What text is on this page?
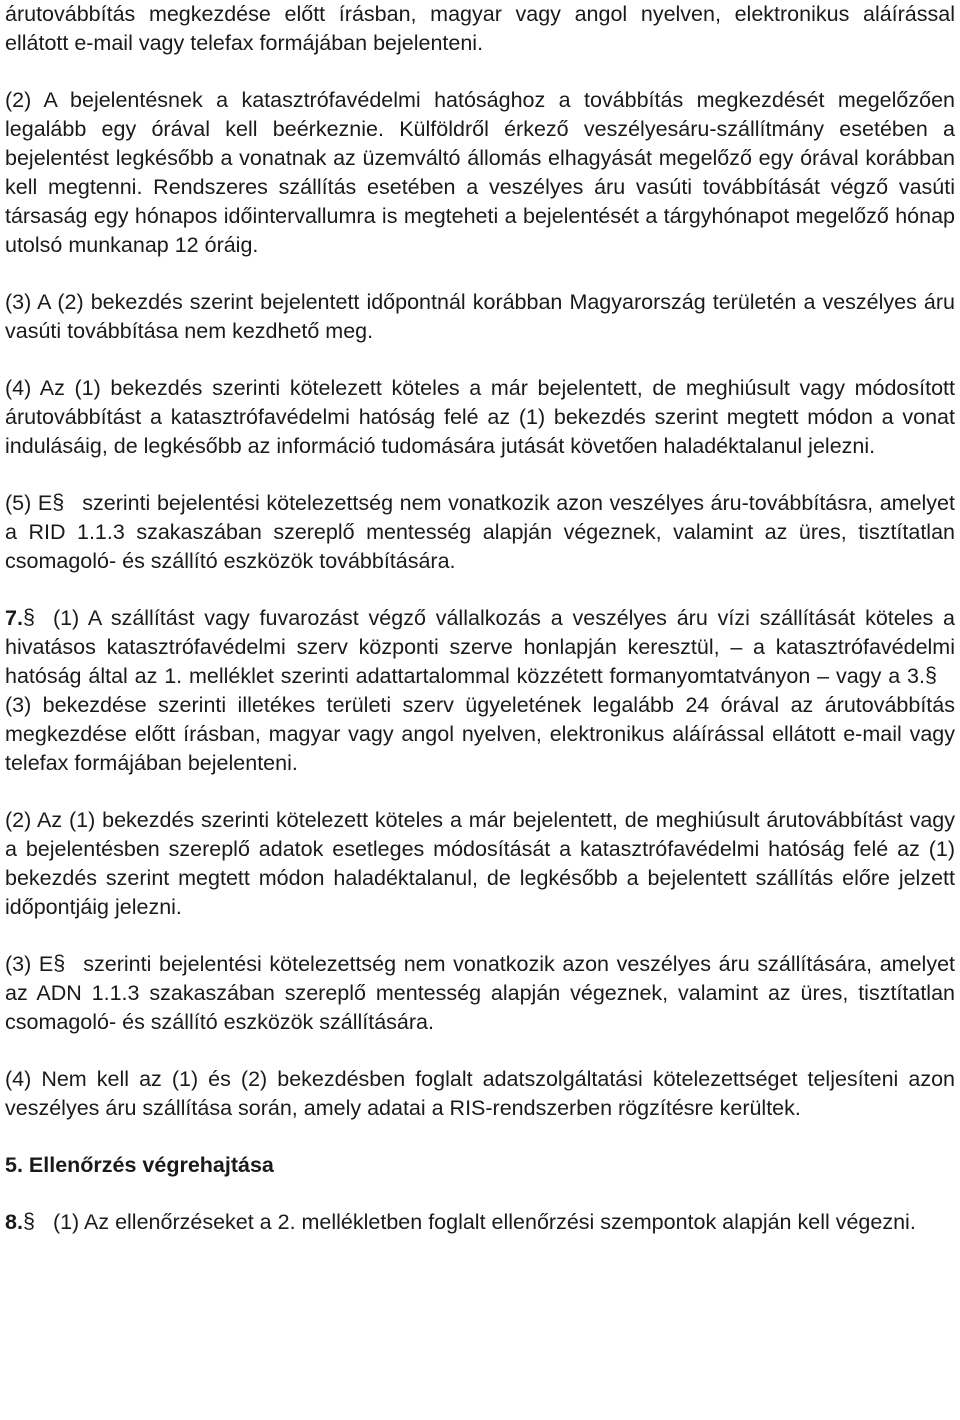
árutovábbítás megkezdése előtt írásban, magyar vagy angol nyelven, elektronikus aláírással ellátott e-mail vagy telefax formájában bejelenteni.

(2) A bejelentésnek a katasztrófavédelmi hatósághoz a továbbítás megkezdését megelőzően legalább egy órával kell beérkeznie. Külföldről érkező veszélyesáru-szállítmány esetében a bejelentést legkésőbb a vonatnak az üzemváltó állomás elhagyását megelőző egy órával korábban kell megtenni. Rendszeres szállítás esetében a veszélyes áru vasúti továbbítását végző vasúti társaság egy hónapos időintervallumra is megteheti a bejelentését a tárgyhónapot megelőző hónap utolsó munkanap 12 óráig.

(3) A (2) bekezdés szerint bejelentett időpontnál korábban Magyarország területén a veszélyes áru vasúti továbbítása nem kezdhető meg.

(4) Az (1) bekezdés szerinti kötelezett köteles a már bejelentett, de meghiúsult vagy módosított árutovábbítást a katasztrófavédelmi hatóság felé az (1) bekezdés szerint megtett módon a vonat indulásáig, de legkésőbb az információ tudomására jutását követően haladéktalanul jelezni.

(5) E § szerinti bejelentési kötelezettség nem vonatkozik azon veszélyes áru-továbbításra, amelyet a RID 1.1.3 szakaszában szereplő mentesség alapján végeznek, valamint az üres, tisztítatlan csomagoló- és szállító eszközök továbbítására.

7. § (1) A szállítást vagy fuvarozást végző vállalkozás a veszélyes áru vízi szállítását köteles a hivatásos katasztrófavédelmi szerv központi szerve honlapján keresztül, – a katasztrófavédelmi hatóság által az 1. melléklet szerinti adattartalommal közzétett formanyomtatványon – vagy a 3.§(3) bekezdése szerinti illetékes területi szerv ügyeletének legalább 24 órával az árutovábbítás megkezdése előtt írásban, magyar vagy angol nyelven, elektronikus aláírással ellátott e-mail vagy telefax formájában bejelenteni.

(2) Az (1) bekezdés szerinti kötelezett köteles a már bejelentett, de meghiúsult árutovábbítást vagy a bejelentésben szereplő adatok esetleges módosítását a katasztrófavédelmi hatóság felé az (1) bekezdés szerint megtett módon haladéktalanul, de legkésőbb a bejelentett szállítás előre jelzett időpontjáig jelezni.

(3) E § szerinti bejelentési kötelezettség nem vonatkozik azon veszélyes áru szállítására, amelyet az ADN 1.1.3 szakaszában szereplő mentesség alapján végeznek, valamint az üres, tisztítatlan csomagoló- és szállító eszközök szállítására.

(4) Nem kell az (1) és (2) bekezdésben foglalt adatszolgáltatási kötelezettséget teljesíteni azon veszélyes áru szállítása során, amely adatai a RIS-rendszerben rögzítésre kerültek.

5. Ellenőrzés végrehajtása

8. § (1) Az ellenőrzéseket a 2. mellékletben foglalt ellenőrzési szempontok alapján kell végezni.
